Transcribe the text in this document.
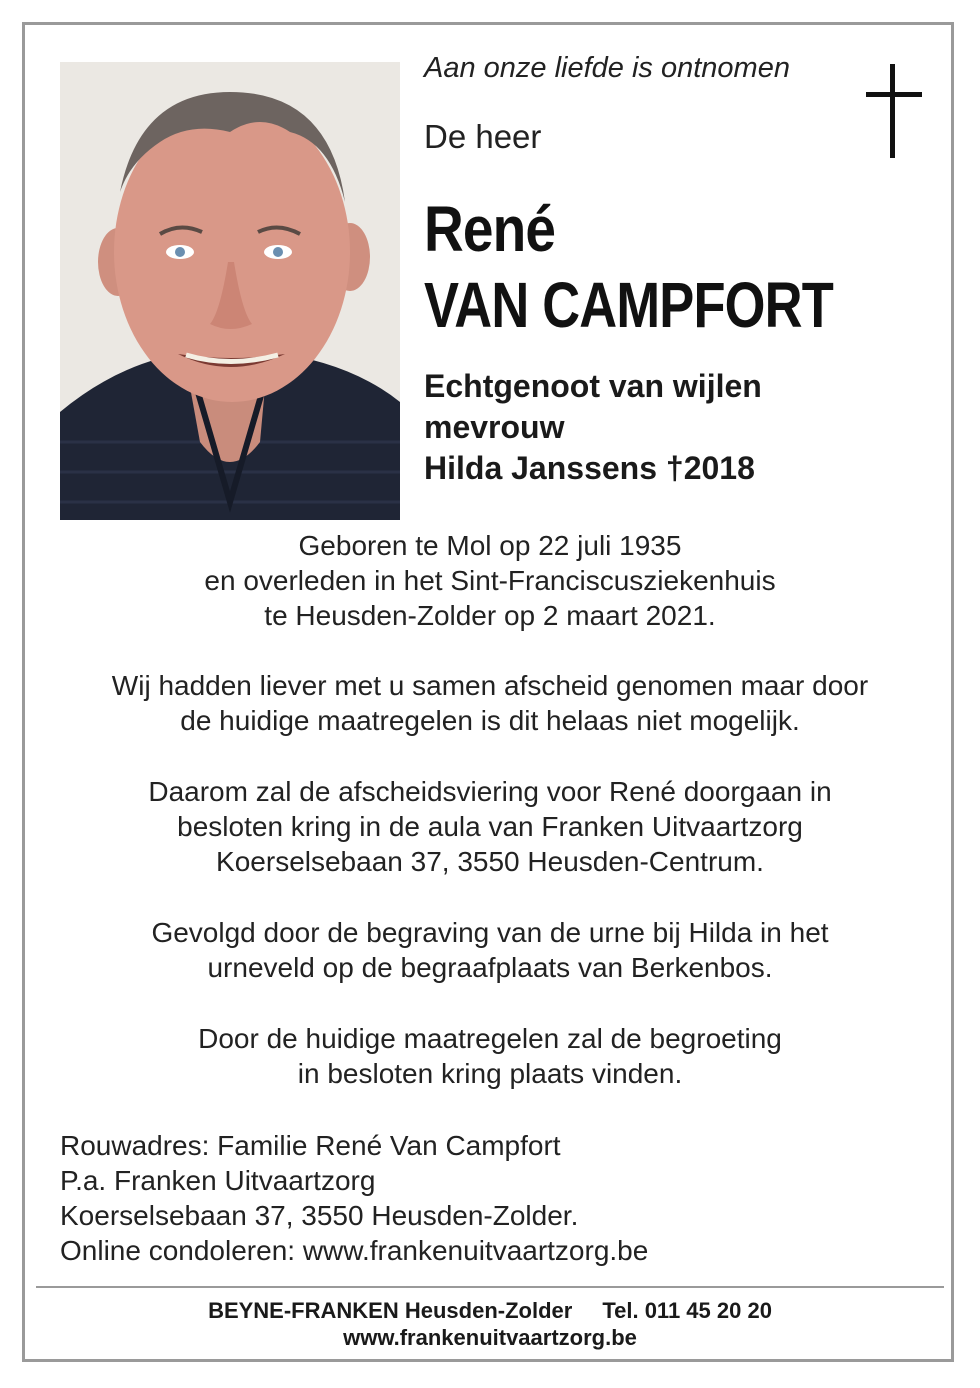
Aan onze liefde is ontnomen
De heer
René
VAN CAMPFORT
Echtgenoot van wijlen
mevrouw
Hilda Janssens †2018
Geboren te Mol op 22 juli 1935
en overleden in het Sint-Franciscusziekenhuis
te Heusden-Zolder op 2 maart 2021.
Wij hadden liever met u samen afscheid genomen maar door
de huidige maatregelen is dit helaas niet mogelijk.
Daarom zal de afscheidsviering voor René doorgaan in
besloten kring in de aula van Franken Uitvaartzorg
Koerselsebaan 37, 3550 Heusden-Centrum.
Gevolgd door de begraving van de urne bij Hilda in het
urneveld op de begraafplaats van Berkenbos.
Door de huidige maatregelen zal de begroeting
in besloten kring plaats vinden.
Rouwadres: Familie René Van Campfort
P.a. Franken Uitvaartzorg
Koerselsebaan 37, 3550 Heusden-Zolder.
Online condoleren: www.frankenuitvaartzorg.be
BEYNE-FRANKEN Heusden-Zolder Tel. 011 45 20 20
www.frankenuitvaartzorg.be
